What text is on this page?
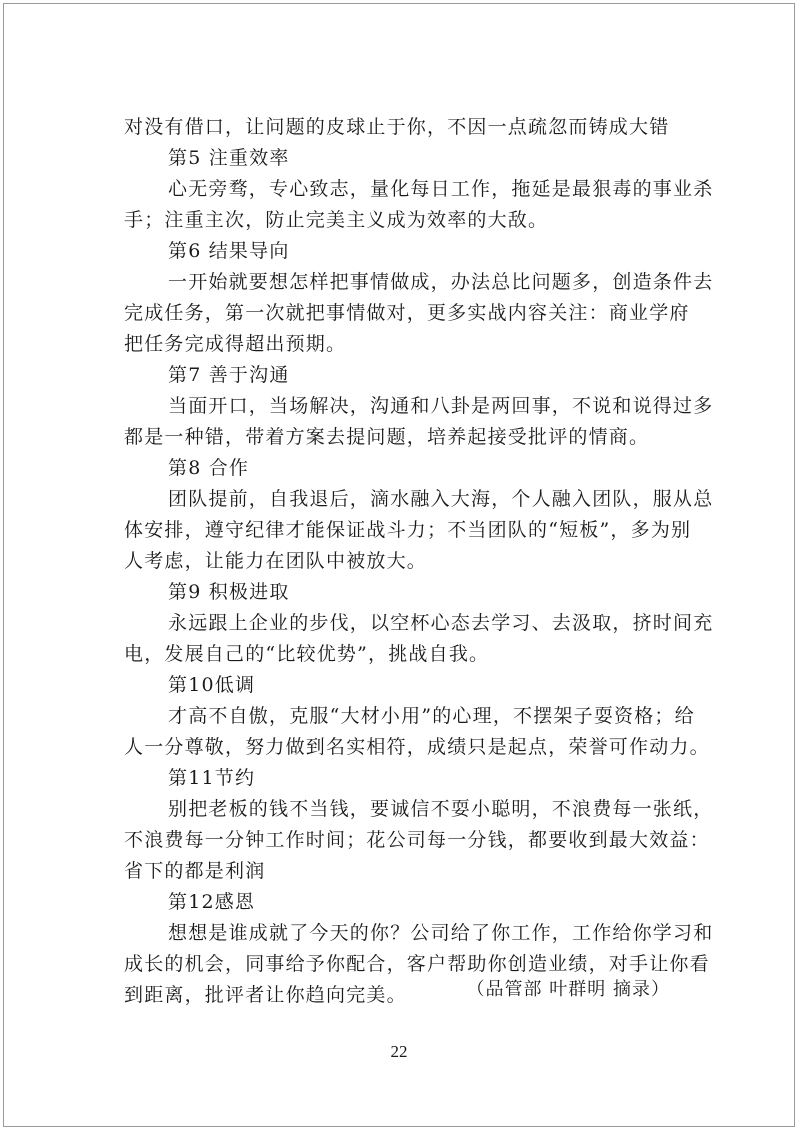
对没有借口，让问题的皮球止于你，不因一点疏忽而铸成大错
第5 注重效率
心无旁骛，专心致志，量化每日工作，拖延是最狠毒的事业杀
手；注重主次，防止完美主义成为效率的大敌。
第6 结果导向
一开始就要想怎样把事情做成，办法总比问题多，创造条件去
完成任务，第一次就把事情做对，更多实战内容关注：商业学府
把任务完成得超出预期。
第7 善于沟通
当面开口，当场解决，沟通和八卦是两回事，不说和说得过多
都是一种错，带着方案去提问题，培养起接受批评的情商。
第8 合作
团队提前，自我退后，滴水融入大海，个人融入团队，服从总
体安排，遵守纪律才能保证战斗力；不当团队的“短板”，多为别
人考虑，让能力在团队中被放大。
第9 积极进取
永远跟上企业的步伐，以空杯心态去学习、去汲取，挤时间充
电，发展自己的“比较优势”，挑战自我。
第10低调
才高不自傲，克服“大材小用”的心理，不摆架子耍资格；给
人一分尊敬，努力做到名实相符，成绩只是起点，荣誉可作动力。
第11节约
别把老板的钱不当钱，要诚信不耍小聪明，不浪费每一张纸，
不浪费每一分钟工作时间；花公司每一分钱，都要收到最大效益：
省下的都是利润
第12感恩
想想是谁成就了今天的你？公司给了你工作，工作给你学习和
成长的机会，同事给予你配合，客户帮助你创造业绩，对手让你看
到距离，批评者让你趋向完美。	（品管部 叶群明 摘录）
22
